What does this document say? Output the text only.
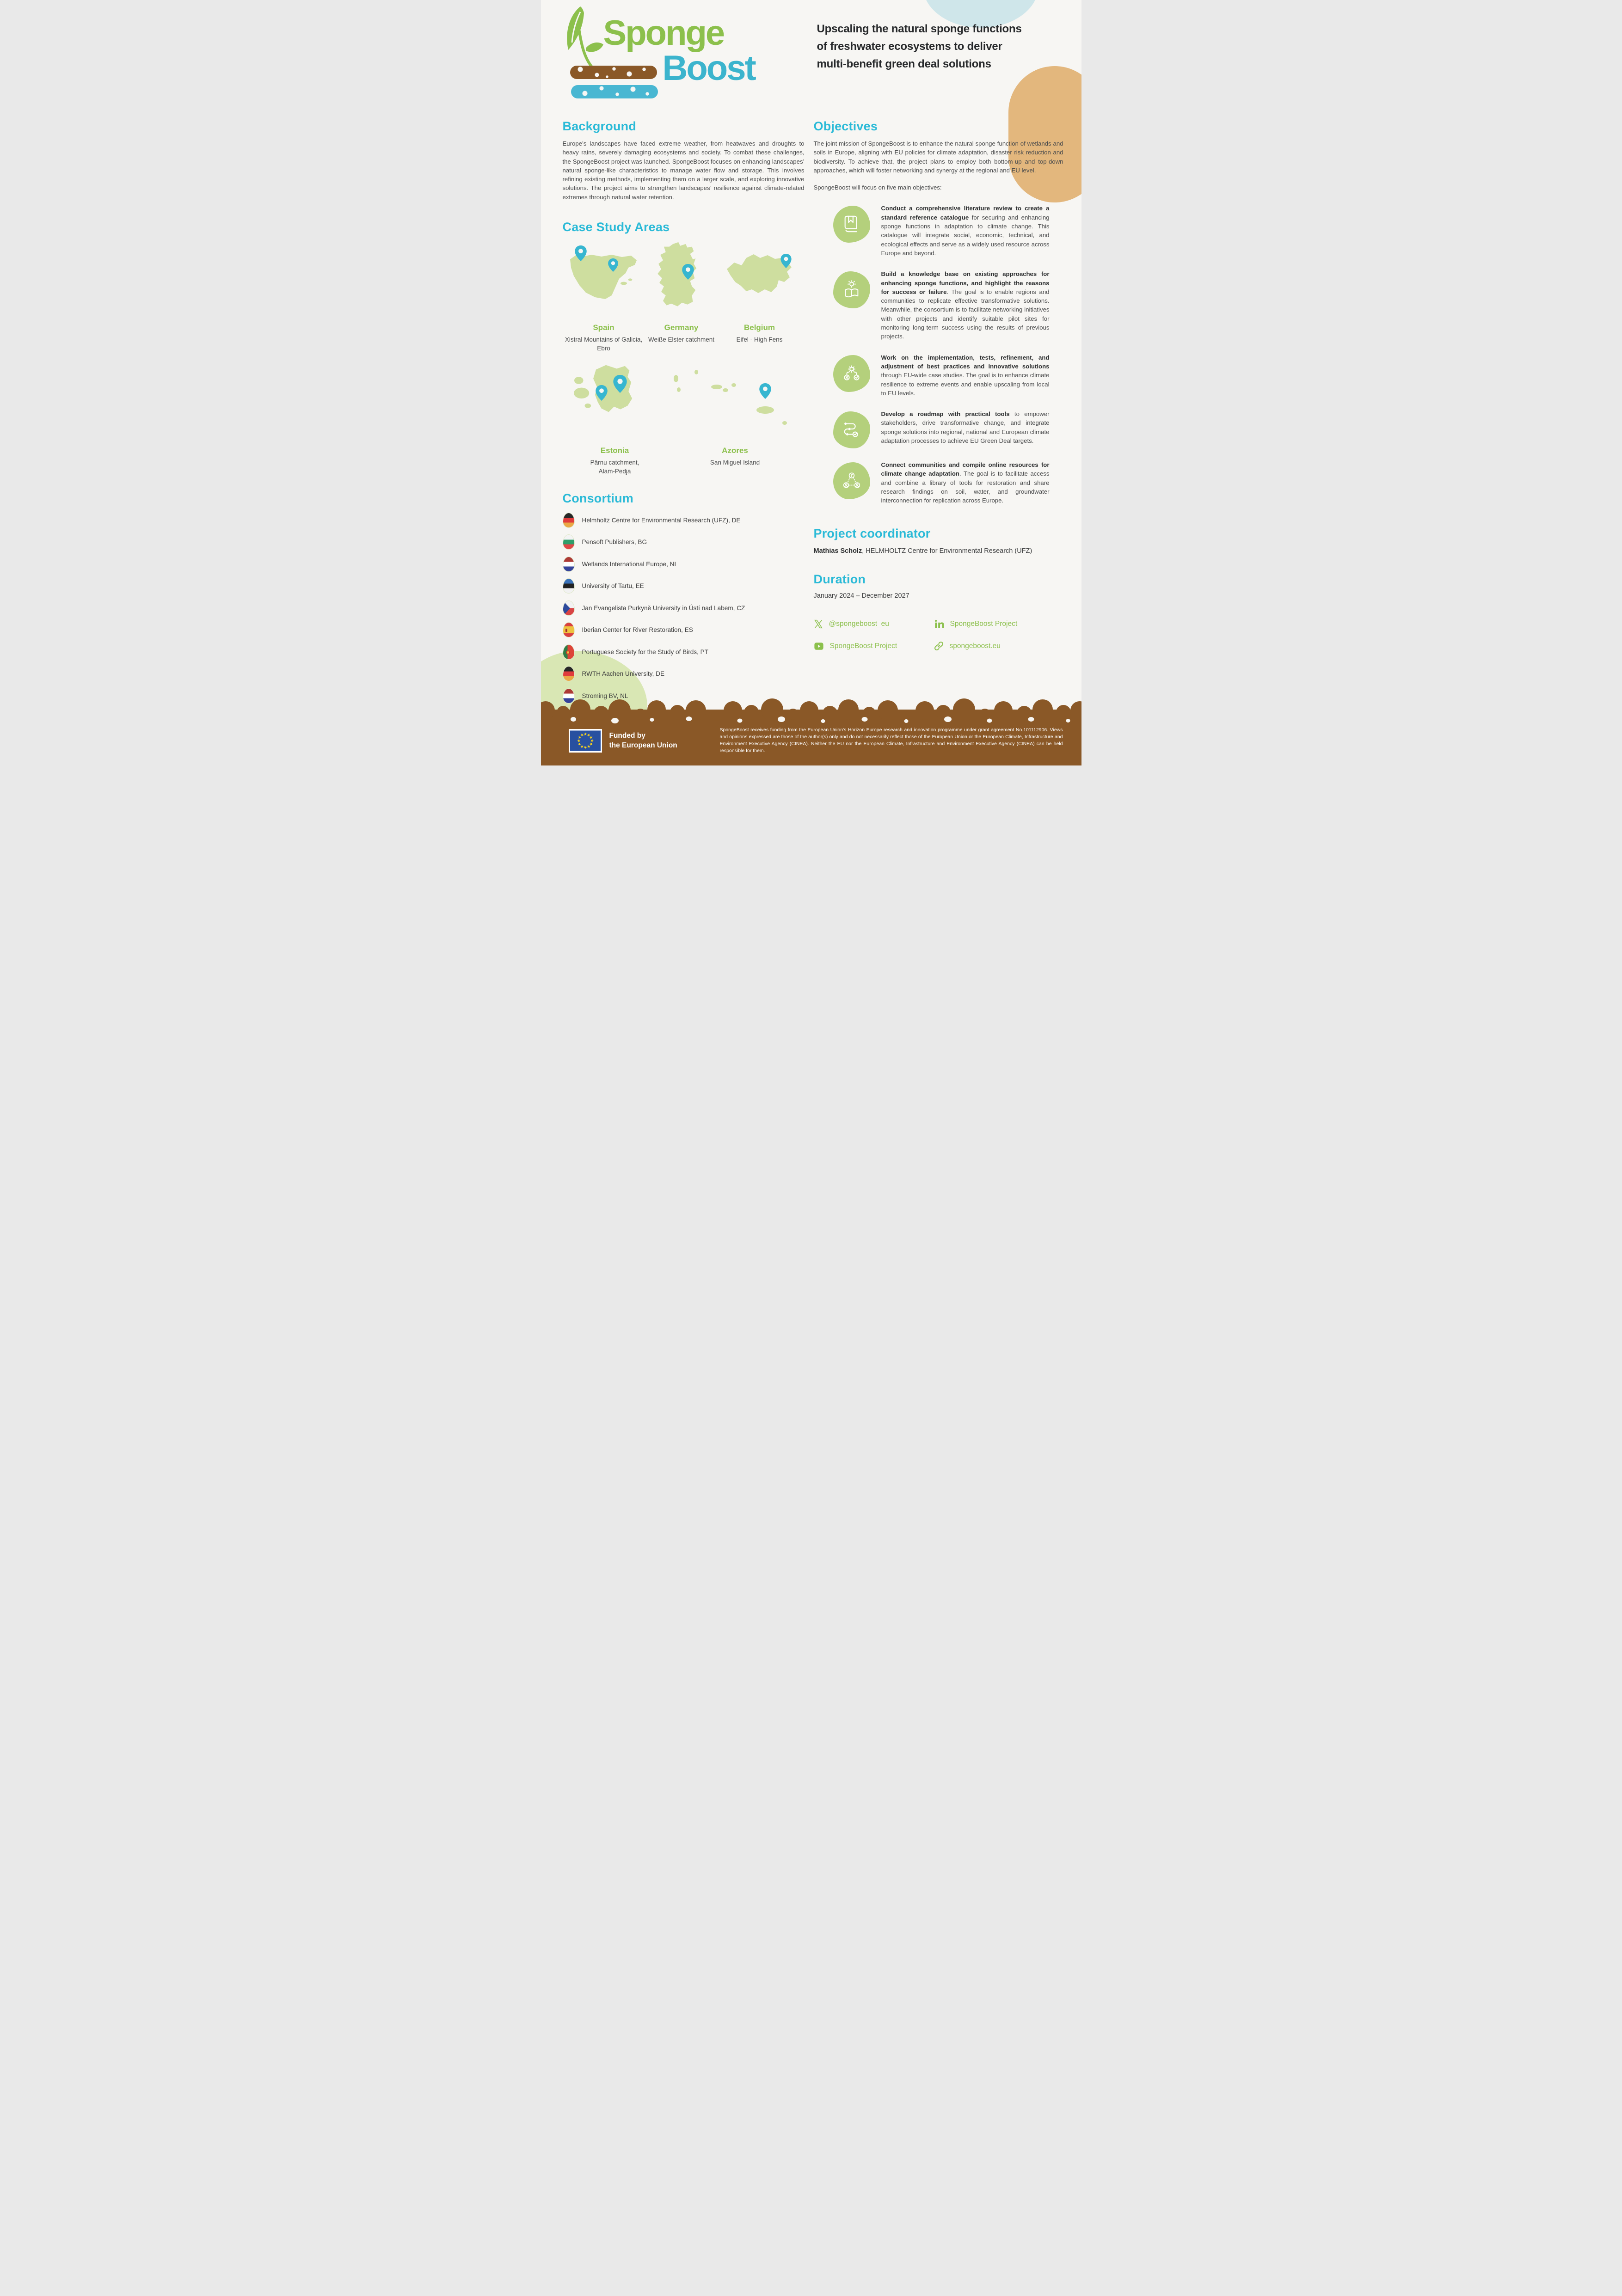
Sponge
Boost
Upscaling the natural sponge functions
of freshwater ecosystems to deliver
multi-benefit green deal solutions
Background

Europe’s landscapes have faced extreme weather, from heatwaves and droughts to heavy rains, severely damaging ecosystems and society. To combat these challenges, the SpongeBoost project was launched. SpongeBoost focuses on enhancing landscapes’ natural sponge-like characteristics to manage water flow and storage. This involves refining existing methods, implementing them on a larger scale, and exploring innovative solutions. The project aims to strengthen landscapes’ resilience against climate-related extremes through natural water retention.

Case Study Areas
Spain
Xistral Mountains of Galicia,
Ebro
Germany
Weiße Elster catchment
Belgium
Eifel - High Fens
Estonia
Pärnu catchment,
Alam-Pedja
Azores
San Miguel Island
Consortium
Helmholtz Centre for Environmental Research (UFZ), DE
Pensoft Publishers, BG
Wetlands International Europe, NL
University of Tartu, EE
Jan Evangelista Purkyně University in Ústí nad Labem, CZ
Iberian Center for River Restoration, ES
Portuguese Society for the Study of Birds, PT
RWTH Aachen University, DE
Stroming BV, NL
Objectives

The joint mission of SpongeBoost is to enhance the natural sponge function of wetlands and soils in Europe, aligning with EU policies for climate adaptation, disaster risk reduction and biodiversity. To achieve that, the project plans to employ both bottom-up and top-down approaches, which will foster networking and synergy at the regional and EU level.

SpongeBoost will focus on five main objectives:

Conduct a comprehensive literature review to create a standard reference catalogue for securing and enhancing sponge functions in adaptation to climate change. This catalogue will integrate social, economic, technical, and ecological effects and serve as a widely used resource across Europe and beyond.
Build a knowledge base on existing approaches for enhancing sponge functions, and highlight the reasons for success or failure. The goal is to enable regions and communities to replicate effective transformative solutions. Meanwhile, the consortium is to facilitate networking initiatives with other projects and identify suitable pilot sites for monitoring long-term success using the results of previous projects.
Work on the implementation, tests, refinement, and adjustment of best practices and innovative solutions through EU-wide case studies. The goal is to enhance climate resilience to extreme events and enable upscaling from local to EU levels.
Develop a roadmap with practical tools to empower stakeholders, drive transformative change, and integrate sponge solutions into regional, national and European climate adaptation processes to achieve EU Green Deal targets.
Connect communities and compile online resources for climate change adaptation. The goal is to facilitate access and combine a library of tools for restoration and share research findings on soil, water, and groundwater interconnection for replication across Europe.
Project coordinator

Mathias Scholz, HELMHOLTZ Centre for Environmental Research (UFZ)

Duration

January 2024 – December 2027

@spongeboost_eu	SpongeBoost Project
SpongeBoost Project	spongeboost.eu
Funded by
the European Union
SpongeBoost receives funding from the European Union's Horizon Europe research and innovation programme under grant agreement No.101112906. Views and opinions expressed are those of the author(s) only and do not necessarily reflect those of the European Union or the European Climate, Infrastructure and Environment Executive Agency (CINEA). Neither the EU nor the European Climate, Infrastructure and Environment Executive Agency (CINEA) can be held responsible for them.
